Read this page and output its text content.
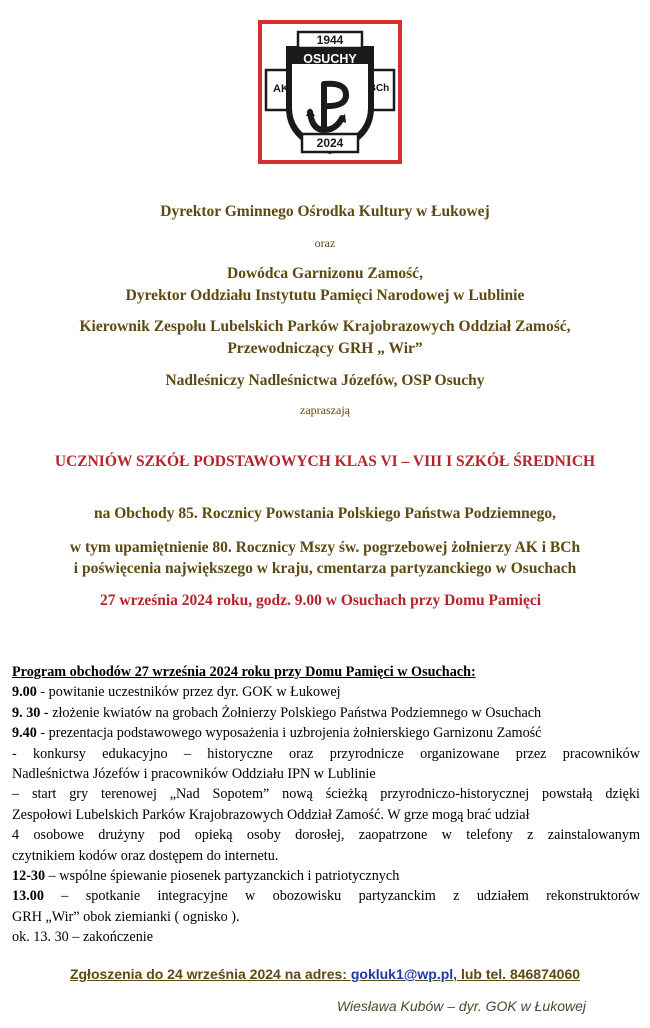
1944
OSUCHY
AK	BCh
2024
Dyrektor Gminnego Ośrodka Kultury w Łukowej
oraz
Dowódca Garnizonu Zamość,
Dyrektor Oddziału Instytutu Pamięci Narodowej w Lublinie
Kierownik Zespołu Lubelskich Parków Krajobrazowych Oddział Zamość,
Przewodniczący GRH „ Wir”
Nadleśniczy Nadleśnictwa Józefów, OSP Osuchy
zapraszają
UCZNIÓW SZKÓŁ PODSTAWOWYCH KLAS VI – VIII I SZKÓŁ ŚREDNICH
na Obchody 85. Rocznicy Powstania Polskiego Państwa Podziemnego,
w tym upamiętnienie 80. Rocznicy Mszy św. pogrzebowej żołnierzy AK i BCh
i poświęcenia największego w kraju, cmentarza partyzanckiego w Osuchach
27 września 2024 roku, godz. 9.00 w Osuchach przy Domu Pamięci

Program obchodów 27 września 2024 roku przy Domu Pamięci w Osuchach:

9.00 - powitanie uczestników przez dyr. GOK w Łukowej

9. 30 - złożenie kwiatów na grobach Żołnierzy Polskiego Państwa Podziemnego w Osuchach

9.40 - prezentacja podstawowego wyposażenia i uzbrojenia żołnierskiego Garnizonu Zamość

- konkursy edukacyjno – historyczne oraz przyrodnicze organizowane przez pracowników

Nadleśnictwa Józefów i pracowników Oddziału IPN w Lublinie

– start gry terenowej „Nad Sopotem” nową ścieżką przyrodniczo-historycznej powstałą dzięki

Zespołowi Lubelskich Parków Krajobrazowych Oddział Zamość. W grze mogą brać udział

4 osobowe drużyny pod opieką osoby dorosłej, zaopatrzone w telefony z zainstalowanym

czytnikiem kodów oraz dostępem do internetu.

12-30 – wspólne śpiewanie piosenek partyzanckich i patriotycznych

13.00 – spotkanie integracyjne w obozowisku partyzanckim z udziałem rekonstruktorów

GRH „Wir” obok ziemianki ( ognisko ).

ok. 13. 30 – zakończenie

Zgłoszenia do 24 września 2024 na adres: gokluk1@wp.pl, lub tel. 846874060
Wiesława Kubów – dyr. GOK w Łukowej
